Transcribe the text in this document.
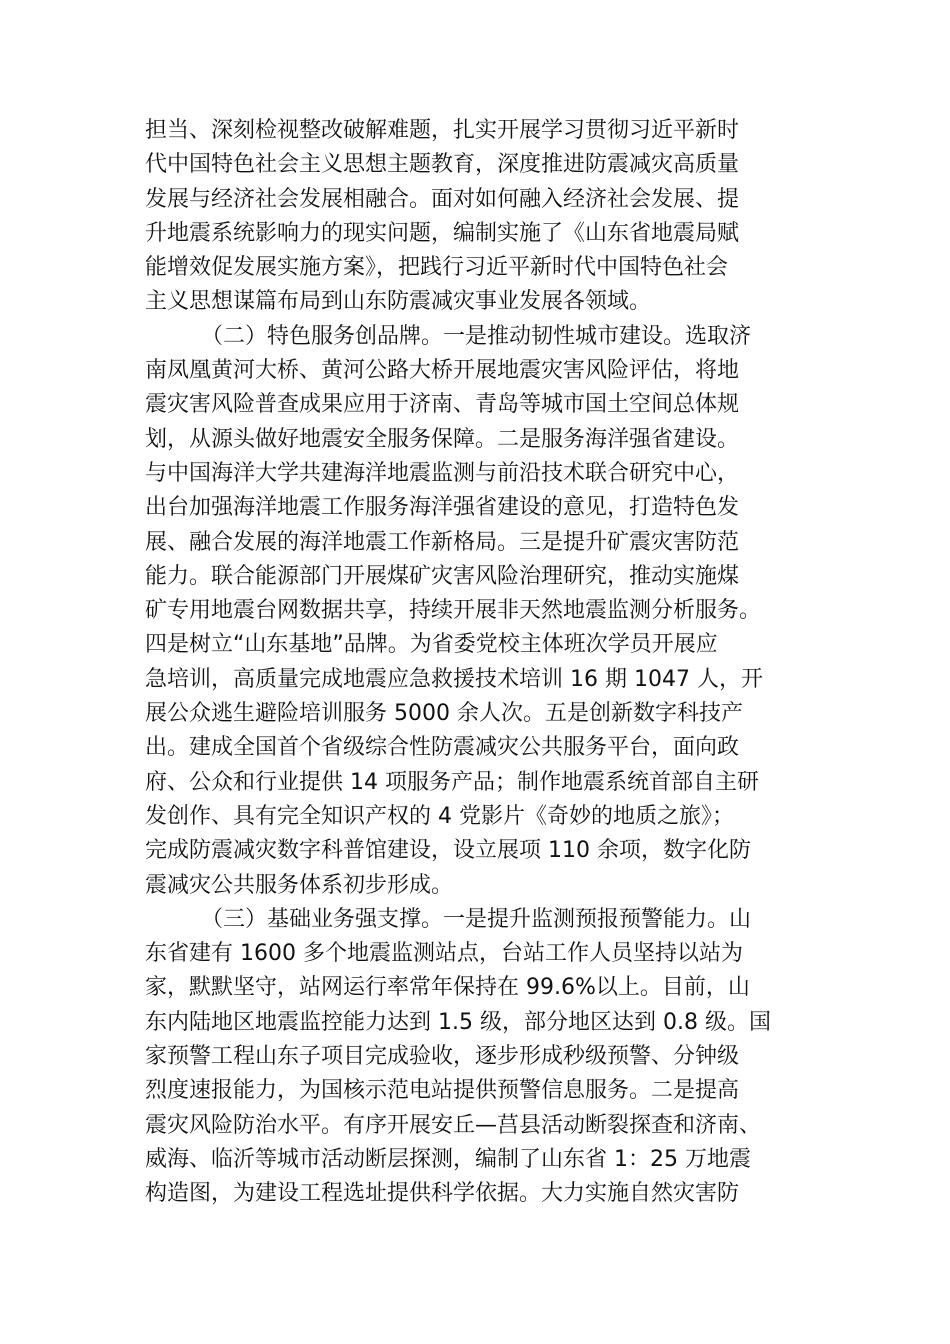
担当、深刻检视整改破解难题，扎实开展学习贯彻习近平新时
代中国特色社会主义思想主题教育，深度推进防震减灾高质量
发展与经济社会发展相融合。面对如何融入经济社会发展、提
升地震系统影响力的现实问题，编制实施了《山东省地震局赋
能增效促发展实施方案》，把践行习近平新时代中国特色社会
主义思想谋篇布局到山东防震减灾事业发展各领域。
（二）特色服务创品牌。一是推动韧性城市建设。选取济
南凤凰黄河大桥、黄河公路大桥开展地震灾害风险评估，将地
震灾害风险普查成果应用于济南、青岛等城市国土空间总体规
划，从源头做好地震安全服务保障。二是服务海洋强省建设。
与中国海洋大学共建海洋地震监测与前沿技术联合研究中心，
出台加强海洋地震工作服务海洋强省建设的意见，打造特色发
展、融合发展的海洋地震工作新格局。三是提升矿震灾害防范
能力。联合能源部门开展煤矿灾害风险治理研究，推动实施煤
矿专用地震台网数据共享，持续开展非天然地震监测分析服务。
四是树立“山东基地”品牌。为省委党校主体班次学员开展应
急培训，高质量完成地震应急救援技术培训 16 期 1047 人，开
展公众逃生避险培训服务 5000 余人次。五是创新数字科技产
出。建成全国首个省级综合性防震减灾公共服务平台，面向政
府、公众和行业提供 14 项服务产品；制作地震系统首部自主研
发创作、具有完全知识产权的 4 党影片《奇妙的地质之旅》；
完成防震减灾数字科普馆建设，设立展项 110 余项，数字化防
震减灾公共服务体系初步形成。
（三）基础业务强支撑。一是提升监测预报预警能力。山
东省建有 1600 多个地震监测站点，台站工作人员坚持以站为
家，默默坚守，站网运行率常年保持在 99.6%以上。目前，山
东内陆地区地震监控能力达到 1.5 级，部分地区达到 0.8 级。国
家预警工程山东子项目完成验收，逐步形成秒级预警、分钟级
烈度速报能力，为国核示范电站提供预警信息服务。二是提高
震灾风险防治水平。有序开展安丘—莒县活动断裂探查和济南、
威海、临沂等城市活动断层探测，编制了山东省 1：25 万地震
构造图，为建设工程选址提供科学依据。大力实施自然灾害防
